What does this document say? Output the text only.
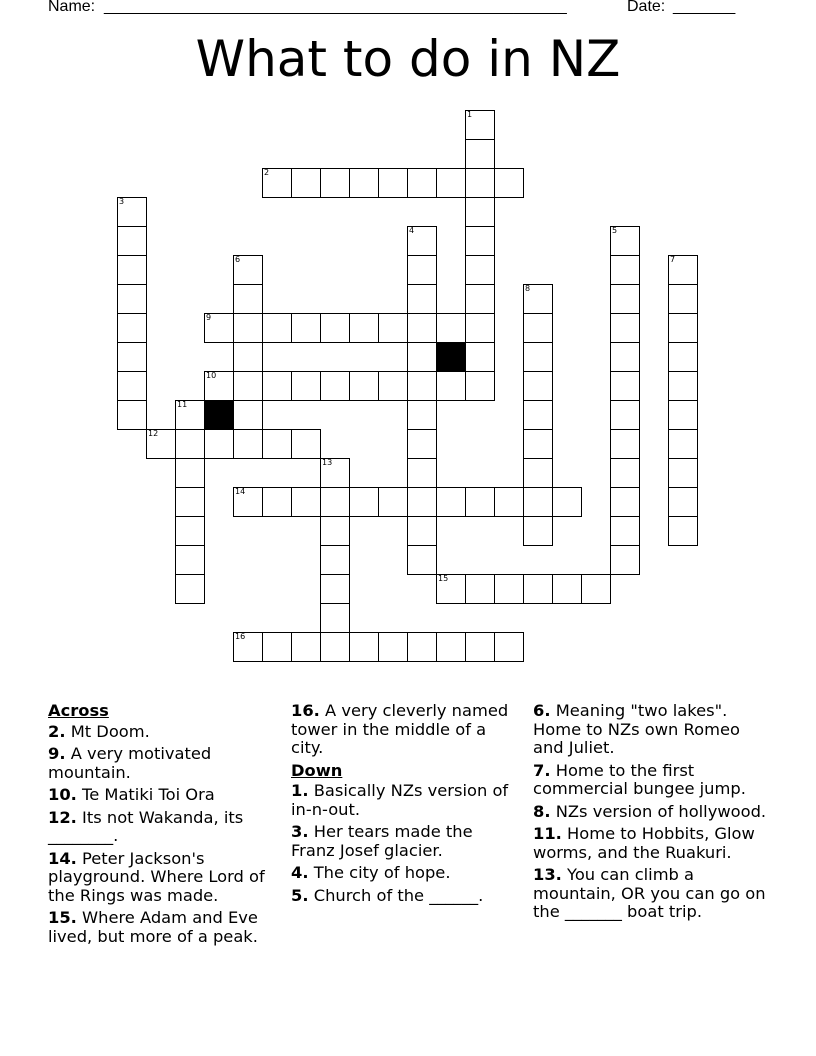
Name: ____________________________________________________	Date: _______
What to do in NZ
1
2
3
4	5
6	7
8
9
10
11
12
13
14
15
16
Across
2. Mt Doom.
9. A very motivated mountain.
10. Te Matiki Toi Ora
12. Its not Wakanda, its ________.
14. Peter Jackson's playground. Where Lord of the Rings was made.
15. Where Adam and Eve lived, but more of a peak.
16. A very cleverly named tower in the middle of a city.
Down
1. Basically NZs version of in-n-out.
3. Her tears made the Franz Josef glacier.
4. The city of hope.
5. Church of the ______.
6. Meaning "two lakes". Home to NZs own Romeo and Juliet.
7. Home to the first commercial bungee jump.
8. NZs version of hollywood.
11. Home to Hobbits, Glow worms, and the Ruakuri.
13. You can climb a mountain, OR you can go on the _______ boat trip.
